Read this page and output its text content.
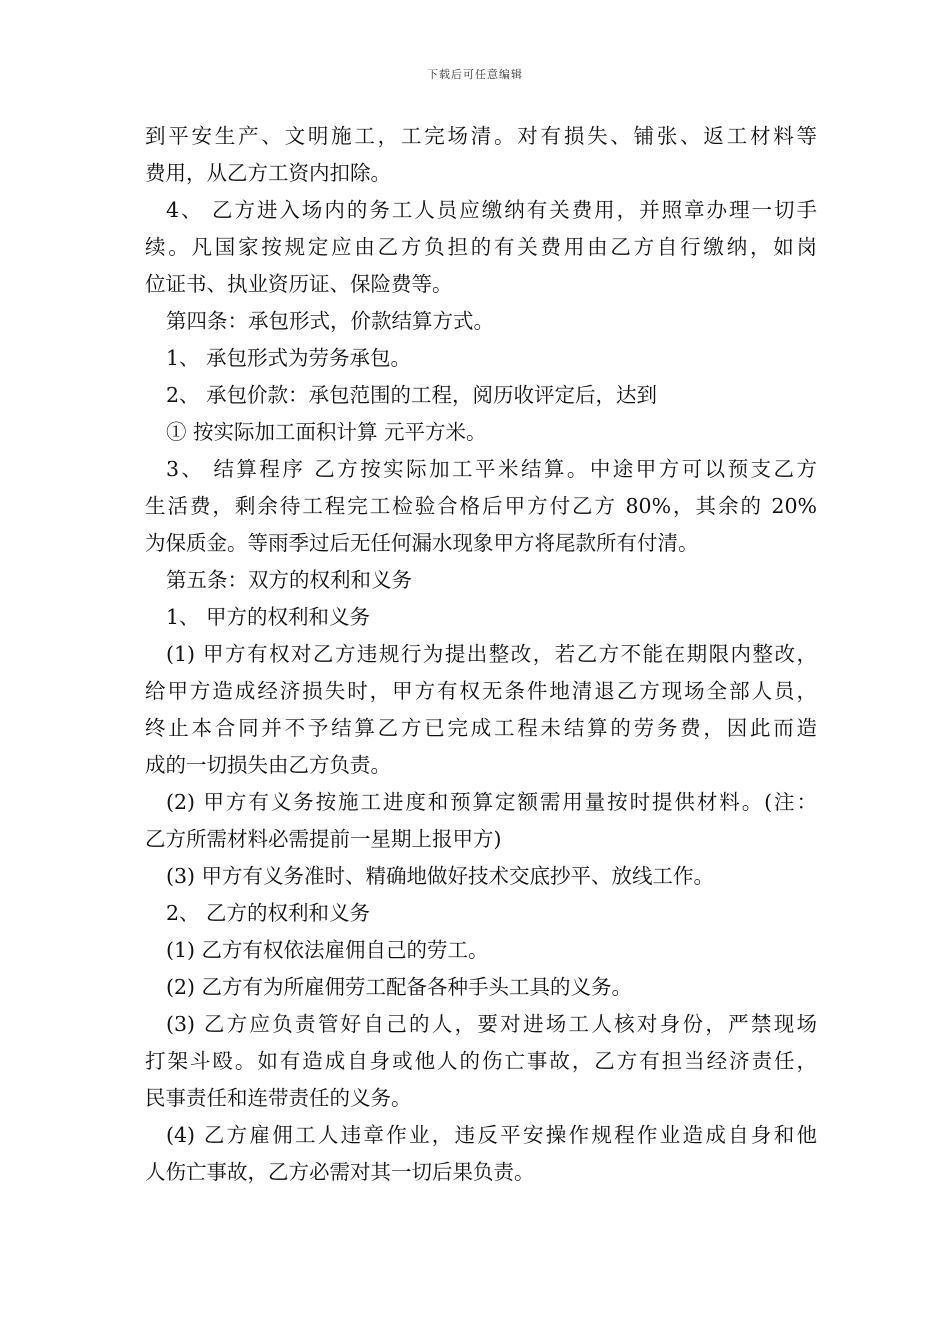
下载后可任意编辑
到平安生产、文明施工，工完场清。对有损失、铺张、返工材料等
费用，从乙方工资内扣除。
4、 乙方进入场内的务工人员应缴纳有关费用，并照章办理一切手
续。凡国家按规定应由乙方负担的有关费用由乙方自行缴纳，如岗
位证书、执业资历证、保险费等。
第四条：承包形式，价款结算方式。
1、 承包形式为劳务承包。
2、 承包价款：承包范围的工程，阅历收评定后，达到
① 按实际加工面积计算 元平方米。
3、 结算程序 乙方按实际加工平米结算。中途甲方可以预支乙方
生活费，剩余待工程完工检验合格后甲方付乙方 80%，其余的 20%
为保质金。等雨季过后无任何漏水现象甲方将尾款所有付清。
第五条：双方的权利和义务
1、 甲方的权利和义务
(1) 甲方有权对乙方违规行为提出整改，若乙方不能在期限内整改，
给甲方造成经济损失时，甲方有权无条件地清退乙方现场全部人员，
终止本合同并不予结算乙方已完成工程未结算的劳务费，因此而造
成的一切损失由乙方负责。
(2) 甲方有义务按施工进度和预算定额需用量按时提供材料。(注：
乙方所需材料必需提前一星期上报甲方)
(3) 甲方有义务准时、精确地做好技术交底抄平、放线工作。
2、 乙方的权利和义务
(1) 乙方有权依法雇佣自己的劳工。
(2) 乙方有为所雇佣劳工配备各种手头工具的义务。
(3) 乙方应负责管好自己的人，要对进场工人核对身份，严禁现场
打架斗殴。如有造成自身或他人的伤亡事故，乙方有担当经济责任，
民事责任和连带责任的义务。
(4) 乙方雇佣工人违章作业，违反平安操作规程作业造成自身和他
人伤亡事故，乙方必需对其一切后果负责。
